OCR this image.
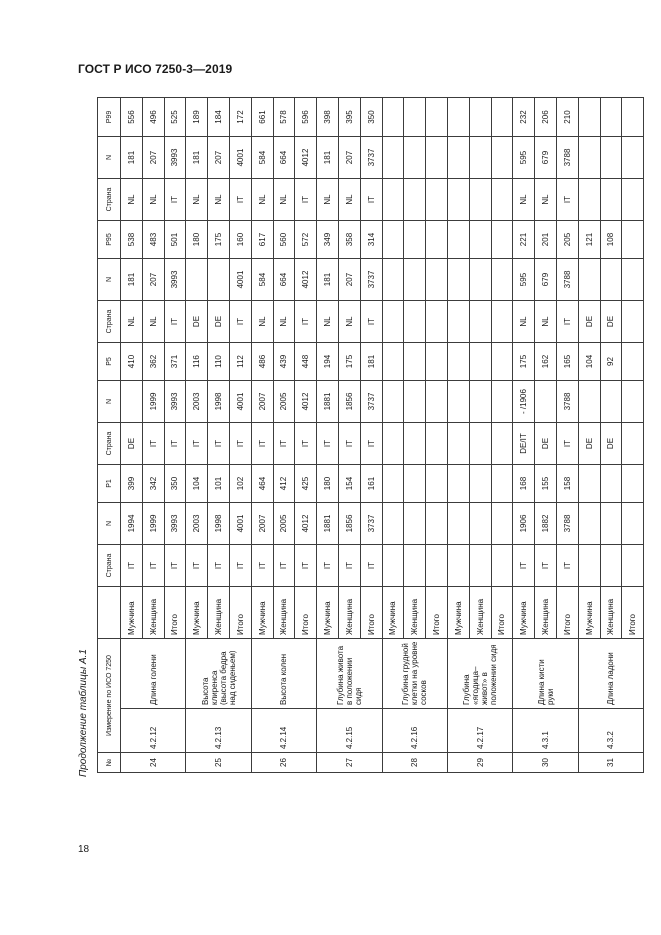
ГОСТ Р ИСО 7250-3—2019
Продолжение таблицы А.1 №	Измерение по ИСО 7250			Страна	N	P1	Страна	N	P5	Страна	N	P95	Страна	N	P99	
24	4.2.12	Длина голени	Мужчина	IT	1994	399	DE		410	NL	181	538	NL	181	556	
			Женщина	IT	1999	342	IT	1999	362	NL	207	483	NL	207	496	
			Итого	IT	3993	350	IT	3993	371	IT	3993	501	IT	3993	525	
25	4.2.13	Высота клиренса (высота бедра над сиденьем)	Мужчина	IT	2003	104	IT	2003	116	DE		180	NL	181	189	
			Женщина	IT	1998	101	IT	1998	110	DE		175	NL	207	184	
			Итого	IT	4001	102	IT	4001	112	IT	4001	160	IT	4001	172	
26	4.2.14	Высота колен	Мужчина	IT	2007	464	IT	2007	486	NL	584	617	NL	584	661	
			Женщина	IT	2005	412	IT	2005	439	NL	664	560	NL	664	578	
			Итого	IT	4012	425	IT	4012	448	IT	4012	572	IT	4012	596	
27	4.2.15	Глубина живота в положении сидя	Мужчина	IT	1881	180	IT	1881	194	NL	181	349	NL	181	398	
			Женщина	IT	1856	154	IT	1856	175	NL	207	358	NL	207	395	
			Итого	IT	3737	161	IT	3737	181	IT	3737	314	IT	3737	350	
28	4.2.16	Глубина грудной клетки на уровне сосков	Мужчина													
			Женщина													
			Итого													
29	4.2.17	Глубина «ягодица–живот» в положении сидя	Мужчина													
			Женщина													
			Итого													
30	4.3.1	Длина кисти руки	Мужчина	IT	1906	168	DE/IT	- /1906	175	NL	595	221	NL	595	232	
			Женщина	IT	1882	155	DE		162	NL	679	201	NL	679	206	
			Итого	IT	3788	158	IT	3788	165	IT	3788	205	IT	3788	210	
31	4.3.2	Длина ладони	Мужчина				DE		104	DE		121				
			Женщина				DE		92	DE		108				
			Итого													
18
